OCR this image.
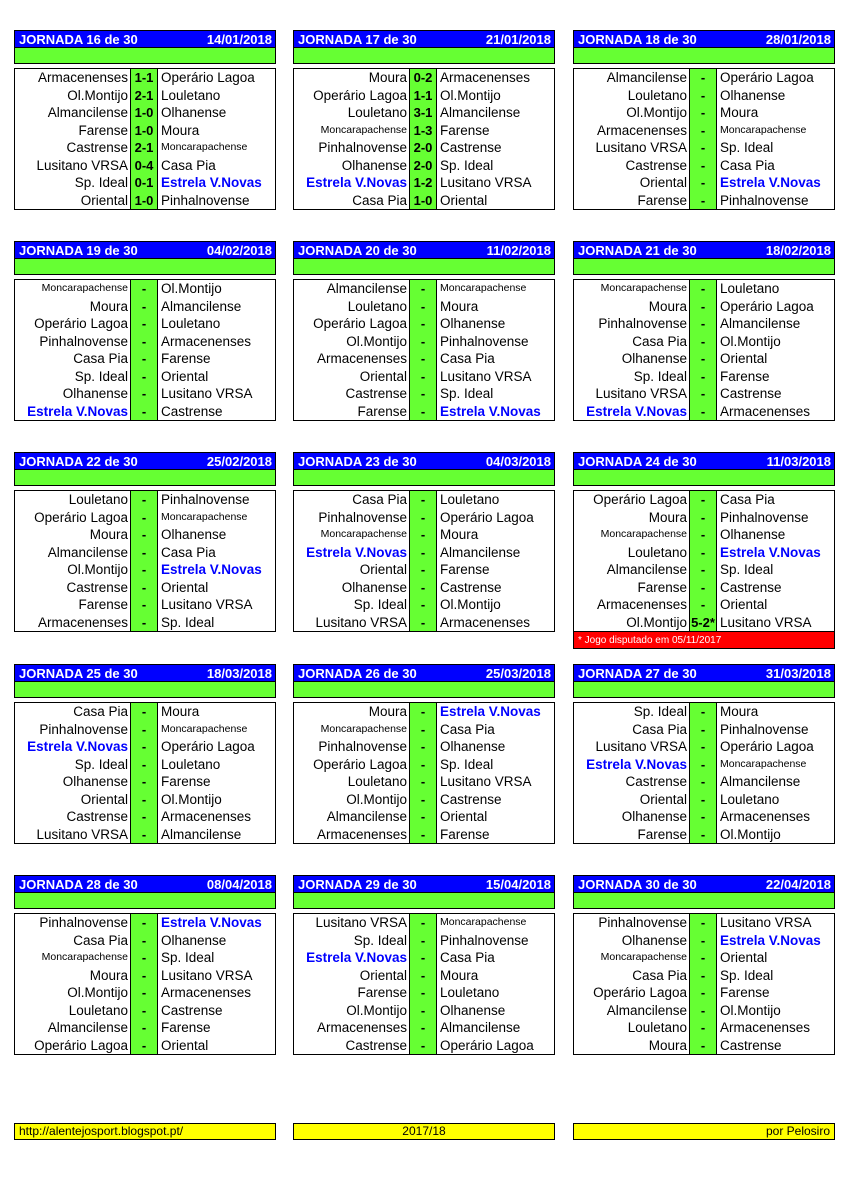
JORNADA 16 de 30	14/01/2018
Armacenenses 1-1 Operário Lagoa
Ol.Montijo 2-1 Louletano
Almancilense 1-0 Olhanense
Farense 1-0 Moura
Castrense 2-1 Moncarapachense
Lusitano VRSA 0-4 Casa Pia
Sp. Ideal 0-1 Estrela V.Novas
Oriental 1-0 Pinhalnovense
JORNADA 17 de 30	21/01/2018
Moura 0-2 Armacenenses
Operário Lagoa 1-1 Ol.Montijo
Louletano 3-1 Almancilense
Moncarapachense 1-3 Farense
Pinhalnovense 2-0 Castrense
Olhanense 2-0 Sp. Ideal
Estrela V.Novas 1-2 Lusitano VRSA
Casa Pia 1-0 Oriental
JORNADA 18 de 30	28/01/2018
Almancilense	-	Operário Lagoa
Louletano	-	Olhanense
Ol.Montijo	-	Moura
Armacenenses	-	Moncarapachense
Lusitano VRSA	-	Sp. Ideal
Castrense	-	Casa Pia
Oriental	-	Estrela V.Novas
Farense	-	Pinhalnovense
JORNADA 19 de 30	04/02/2018
Moncarapachense	-	Ol.Montijo
Moura	-	Almancilense
Operário Lagoa	-	Louletano
Pinhalnovense	-	Armacenenses
Casa Pia	-	Farense
Sp. Ideal	-	Oriental
Olhanense	-	Lusitano VRSA
Estrela V.Novas	-	Castrense
JORNADA 20 de 30	11/02/2018
Almancilense	-	Moncarapachense
Louletano	-	Moura
Operário Lagoa	-	Olhanense
Ol.Montijo	-	Pinhalnovense
Armacenenses	-	Casa Pia
Oriental	-	Lusitano VRSA
Castrense	-	Sp. Ideal
Farense	-	Estrela V.Novas
JORNADA 21 de 30	18/02/2018
Moncarapachense	-	Louletano
Moura	-	Operário Lagoa
Pinhalnovense	-	Almancilense
Casa Pia	-	Ol.Montijo
Olhanense	-	Oriental
Sp. Ideal	-	Farense
Lusitano VRSA	-	Castrense
Estrela V.Novas	-	Armacenenses
JORNADA 22 de 30	25/02/2018
Louletano	-	Pinhalnovense
Operário Lagoa	-	Moncarapachense
Moura	-	Olhanense
Almancilense	-	Casa Pia
Ol.Montijo	-	Estrela V.Novas
Castrense	-	Oriental
Farense	-	Lusitano VRSA
Armacenenses	-	Sp. Ideal
JORNADA 23 de 30	04/03/2018
Casa Pia	-	Louletano
Pinhalnovense	-	Operário Lagoa
Moncarapachense	-	Moura
Estrela V.Novas	-	Almancilense
Oriental	-	Farense
Olhanense	-	Castrense
Sp. Ideal	-	Ol.Montijo
Lusitano VRSA	-	Armacenenses
JORNADA 24 de 30	11/03/2018
Operário Lagoa	-	Casa Pia
Moura	-	Pinhalnovense
Moncarapachense	-	Olhanense
Louletano	-	Estrela V.Novas
Almancilense	-	Sp. Ideal
Farense	-	Castrense
Armacenenses	-	Oriental
Ol.Montijo 5-2* Lusitano VRSA
* Jogo disputado em 05/11/2017
JORNADA 25 de 30	18/03/2018
Casa Pia	-	Moura
Pinhalnovense	-	Moncarapachense
Estrela V.Novas	-	Operário Lagoa
Sp. Ideal	-	Louletano
Olhanense	-	Farense
Oriental	-	Ol.Montijo
Castrense	-	Armacenenses
Lusitano VRSA	-	Almancilense
JORNADA 26 de 30	25/03/2018
Moura	-	Estrela V.Novas
Moncarapachense	-	Casa Pia
Pinhalnovense	-	Olhanense
Operário Lagoa	-	Sp. Ideal
Louletano	-	Lusitano VRSA
Ol.Montijo	-	Castrense
Almancilense	-	Oriental
Armacenenses	-	Farense
JORNADA 27 de 30	31/03/2018
Sp. Ideal	-	Moura
Casa Pia	-	Pinhalnovense
Lusitano VRSA	-	Operário Lagoa
Estrela V.Novas	-	Moncarapachense
Castrense	-	Almancilense
Oriental	-	Louletano
Olhanense	-	Armacenenses
Farense	-	Ol.Montijo
JORNADA 28 de 30	08/04/2018
Pinhalnovense	-	Estrela V.Novas
Casa Pia	-	Olhanense
Moncarapachense	-	Sp. Ideal
Moura	-	Lusitano VRSA
Ol.Montijo	-	Armacenenses
Louletano	-	Castrense
Almancilense	-	Farense
Operário Lagoa	-	Oriental
JORNADA 29 de 30	15/04/2018
Lusitano VRSA	-	Moncarapachense
Sp. Ideal	-	Pinhalnovense
Estrela V.Novas	-	Casa Pia
Oriental	-	Moura
Farense	-	Louletano
Ol.Montijo	-	Olhanense
Armacenenses	-	Almancilense
Castrense	-	Operário Lagoa
JORNADA 30 de 30	22/04/2018
Pinhalnovense	-	Lusitano VRSA
Olhanense	-	Estrela V.Novas
Moncarapachense	-	Oriental
Casa Pia	-	Sp. Ideal
Operário Lagoa	-	Farense
Almancilense	-	Ol.Montijo
Louletano	-	Armacenenses
Moura	-	Castrense
http://alentejosport.blogspot.pt/	2017/18	por Pelosiro
